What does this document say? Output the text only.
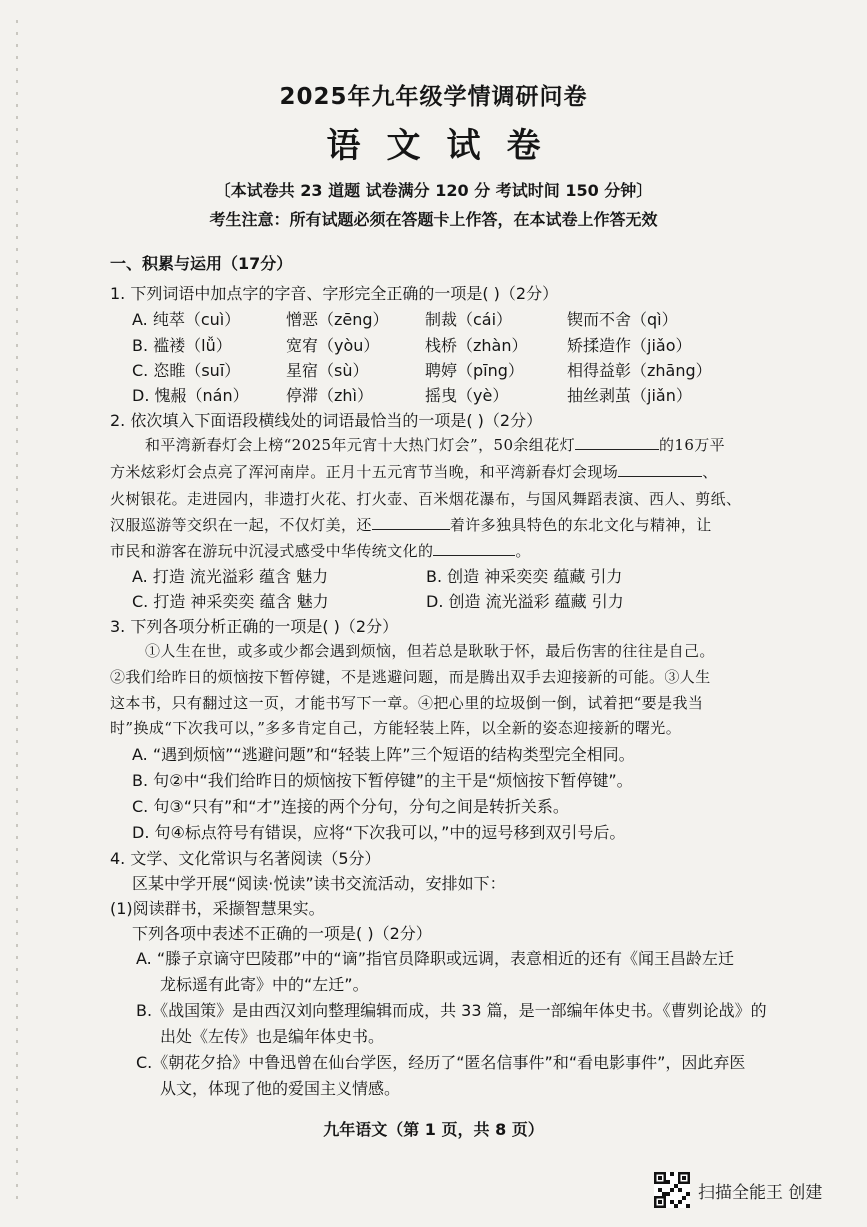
2025年九年级学情调研问卷
语文试卷
〔本试卷共 23 道题 试卷满分 120 分 考试时间 150 分钟〕
考生注意：所有试题必须在答题卡上作答，在本试卷上作答无效
一、积累与运用（17分）
1. 下列词语中加点字的字音、字形完全正确的一项是( )（2分）
A. 纯萃（cuì）	憎恶（zēng） 制裁（cái）	锲而不舍（qì）
B. 褴褛（lǚ）	宽宥（yòu）	栈桥（zhàn） 矫揉造作（jiǎo）
C. 恣睢（suī）	星宿（sù）	聘婷（pīng）	相得益彰（zhāng）
D. 愧赧（nán） 停滞（zhì）	摇曳（yè）	抽丝剥茧（jiǎn）
2. 依次填入下面语段横线处的词语最恰当的一项是( )（2分）
和平湾新春灯会上榜“2025年元宵十大热门灯会”，50余组花灯	的16万平
方米炫彩灯会点亮了浑河南岸。正月十五元宵节当晚，和平湾新春灯会现场	、
火树银花。走进园内，非遗打火花、打火壶、百米烟花瀑布，与国风舞蹈表演、西人、剪纸、
汉服巡游等交织在一起，不仅灯美，还	着许多独具特色的东北文化与精神，让
市民和游客在游玩中沉浸式感受中华传统文化的	。
A. 打造 流光溢彩 蕴含 魅力	B. 创造 神采奕奕 蕴藏 引力
C. 打造 神采奕奕 蕴含 魅力	D. 创造 流光溢彩 蕴藏 引力
3. 下列各项分析正确的一项是( )（2分）
①人生在世，或多或少都会遇到烦恼，但若总是耿耿于怀，最后伤害的往往是自己。
②我们给昨日的烦恼按下暂停键，不是逃避问题，而是腾出双手去迎接新的可能。③人生
这本书，只有翻过这一页，才能书写下一章。④把心里的垃圾倒一倒，试着把“要是我当
时”换成“下次我可以，”多多肯定自己，方能轻装上阵，以全新的姿态迎接新的曙光。
A. “遇到烦恼”“逃避问题”和“轻装上阵”三个短语的结构类型完全相同。
B. 句②中“我们给昨日的烦恼按下暂停键”的主干是“烦恼按下暂停键”。
C. 句③“只有”和“才”连接的两个分句，分句之间是转折关系。
D. 句④标点符号有错误，应将“下次我可以，”中的逗号移到双引号后。
4. 文学、文化常识与名著阅读（5分）
区某中学开展“阅读·悦读”读书交流活动，安排如下：
(1)阅读群书，采撷智慧果实。
下列各项中表述不正确的一项是( )（2分）
A. “滕子京谪守巴陵郡”中的“谪”指官员降职或远调，表意相近的还有《闻王昌龄左迁
龙标遥有此寄》中的“左迁”。
B.《战国策》是由西汉刘向整理编辑而成，共 33 篇，是一部编年体史书。《曹刿论战》的
出处《左传》也是编年体史书。
C.《朝花夕拾》中鲁迅曾在仙台学医，经历了“匿名信事件”和“看电影事件”，因此弃医
从文，体现了他的爱国主义情感。
九年语文（第 1 页，共 8 页）
扫描全能王 创建
